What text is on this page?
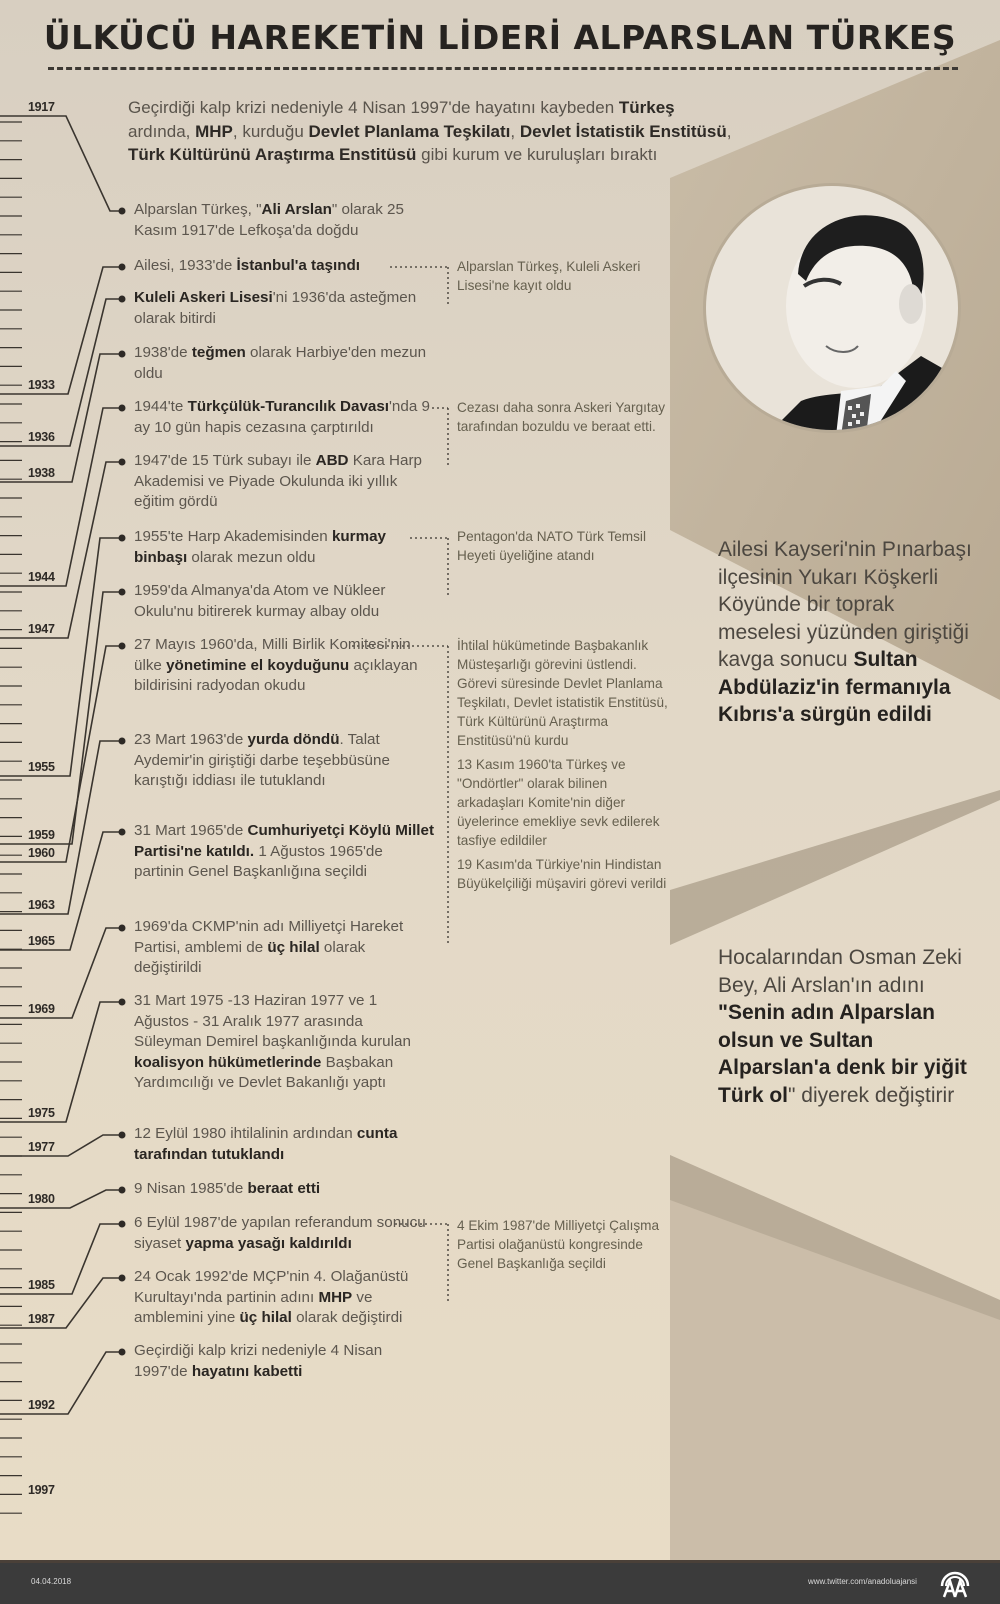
ÜLKÜCÜ HAREKETİN LİDERİ ALPARSLAN TÜRKEŞ
Geçirdiği kalp krizi nedeniyle 4 Nisan 1997'de hayatını kaybeden Türkeş ardında, MHP, kurduğu Devlet Planlama Teşkilatı, Devlet İstatistik Enstitüsü, Türk Kültürünü Araştırma Enstitüsü gibi kurum ve kuruluşları bıraktı
1917
1933
1936
1938
1944
1947
1955
1959
1960
1963
1965
1969
1975
1977
1980
1985
1987
1992
1997
Alparslan Türkeş, "Ali Arslan" olarak 25 Kasım 1917'de Lefkoşa'da doğdu
Ailesi, 1933'de İstanbul'a taşındı
Kuleli Askeri Lisesi'ni 1936'da asteğmen olarak bitirdi
1938'de teğmen olarak Harbiye'den mezun oldu
1944'te Türkçülük-Turancılık Davası'nda 9 ay 10 gün hapis cezasına çarptırıldı
1947'de 15 Türk subayı ile ABD Kara Harp Akademisi ve Piyade Okulunda iki yıllık eğitim gördü
1955'te Harp Akademisinden kurmay binbaşı olarak mezun oldu
1959'da Almanya'da Atom ve Nükleer Okulu'nu bitirerek kurmay albay oldu
27 Mayıs 1960'da, Milli Birlik Komitesi'nin ülke yönetimine el koyduğunu açıklayan bildirisini radyodan okudu
23 Mart 1963'de yurda döndü. Talat Aydemir'in giriştiği darbe teşebbüsüne karıştığı iddiası ile tutuklandı
31 Mart 1965'de Cumhuriyetçi Köylü Millet Partisi'ne katıldı. 1 Ağustos 1965'de partinin Genel Başkanlığına seçildi
1969'da CKMP'nin adı Milliyetçi Hareket Partisi, amblemi de üç hilal olarak değiştirildi
31 Mart 1975 -13 Haziran 1977 ve 1 Ağustos - 31 Aralık 1977 arasında Süleyman Demirel başkanlığında kurulan koalisyon hükümetlerinde Başbakan Yardımcılığı ve Devlet Bakanlığı yaptı
12 Eylül 1980 ihtilalinin ardından cunta tarafından tutuklandı
9 Nisan 1985'de beraat etti
6 Eylül 1987'de yapılan referandum sonucu siyaset yapma yasağı kaldırıldı
24 Ocak 1992'de MÇP'nin 4. Olağanüstü Kurultayı'nda partinin adını MHP ve amblemini yine üç hilal olarak değiştirdi
Geçirdiği kalp krizi nedeniyle 4 Nisan 1997'de hayatını kabetti
Alparslan Türkeş, Kuleli Askeri Lisesi'ne kayıt oldu
Cezası daha sonra Askeri Yargıtay tarafından bozuldu ve beraat etti.
Pentagon'da NATO Türk Temsil Heyeti üyeliğine atandı
İhtilal hükümetinde Başbakanlık Müsteşarlığı görevini üstlendi. Görevi süresinde Devlet Planlama Teşkilatı, Devlet istatistik Enstitüsü, Türk Kültürünü Araştırma Enstitüsü'nü kurdu
13 Kasım 1960'ta Türkeş ve "Ondörtler" olarak bilinen arkadaşları Komite'nin diğer üyelerince emekliye sevk edilerek tasfiye edildiler
19 Kasım'da Türkiye'nin Hindistan Büyükelçiliği müşaviri görevi verildi
4 Ekim 1987'de Milliyetçi Çalışma Partisi olağanüstü kongresinde Genel Başkanlığa seçildi
Ailesi Kayseri'nin Pınarbaşı ilçesinin Yukarı Köşkerli Köyünde bir toprak meselesi yüzünden giriştiği kavga sonucu Sultan Abdülaziz'in fermanıyla Kıbrıs'a sürgün edildi
Hocalarından Osman Zeki Bey, Ali Arslan'ın adını "Senin adın Alparslan olsun ve Sultan Alparslan'a denk bir yiğit Türk ol" diyerek değiştirir
04.04.2018	www.twitter.com/anadoluajansi
